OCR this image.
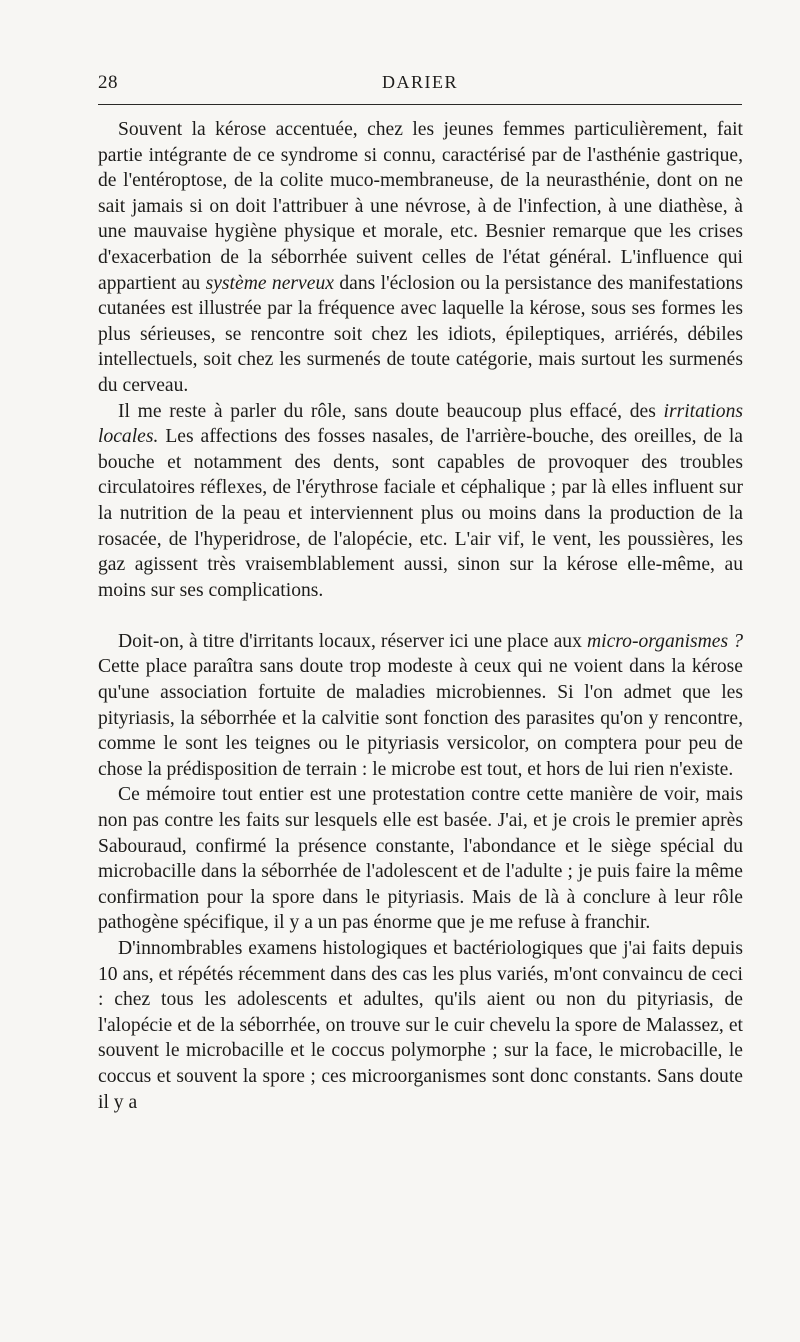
28	DARIER

Souvent la kérose accentuée, chez les jeunes femmes particulièrement, fait partie intégrante de ce syndrome si connu, caractérisé par de l'asthénie gastrique, de l'entéroptose, de la colite muco-membraneuse, de la neurasthénie, dont on ne sait jamais si on doit l'attribuer à une névrose, à de l'infection, à une diathèse, à une mauvaise hygiène physique et morale, etc. Besnier remarque que les crises d'exacerbation de la séborrhée suivent celles de l'état général. L'influence qui appartient au système nerveux dans l'éclosion ou la persistance des manifestations cutanées est illustrée par la fréquence avec laquelle la kérose, sous ses formes les plus sérieuses, se rencontre soit chez les idiots, épileptiques, arriérés, débiles intellectuels, soit chez les surmenés de toute catégorie, mais surtout les surmenés du cerveau.

Il me reste à parler du rôle, sans doute beaucoup plus effacé, des irritations locales. Les affections des fosses nasales, de l'arrière-bouche, des oreilles, de la bouche et notamment des dents, sont capables de provoquer des troubles circulatoires réflexes, de l'érythrose faciale et céphalique ; par là elles influent sur la nutrition de la peau et interviennent plus ou moins dans la production de la rosacée, de l'hyperidrose, de l'alopécie, etc. L'air vif, le vent, les poussières, les gaz agissent très vraisemblablement aussi, sinon sur la kérose elle-même, au moins sur ses complications.

Doit-on, à titre d'irritants locaux, réserver ici une place aux micro-organismes ? Cette place paraîtra sans doute trop modeste à ceux qui ne voient dans la kérose qu'une association fortuite de maladies microbiennes. Si l'on admet que les pityriasis, la séborrhée et la calvitie sont fonction des parasites qu'on y rencontre, comme le sont les teignes ou le pityriasis versicolor, on comptera pour peu de chose la prédisposition de terrain : le microbe est tout, et hors de lui rien n'existe.

Ce mémoire tout entier est une protestation contre cette manière de voir, mais non pas contre les faits sur lesquels elle est basée. J'ai, et je crois le premier après Sabouraud, confirmé la présence constante, l'abondance et le siège spécial du microbacille dans la séborrhée de l'adolescent et de l'adulte ; je puis faire la même confirmation pour la spore dans le pityriasis. Mais de là à conclure à leur rôle pathogène spécifique, il y a un pas énorme que je me refuse à franchir.

D'innombrables examens histologiques et bactériologiques que j'ai faits depuis 10 ans, et répétés récemment dans des cas les plus variés, m'ont convaincu de ceci : chez tous les adolescents et adultes, qu'ils aient ou non du pityriasis, de l'alopécie et de la séborrhée, on trouve sur le cuir chevelu la spore de Malassez, et souvent le microbacille et le coccus polymorphe ; sur la face, le microbacille, le coccus et souvent la spore ; ces microorganismes sont donc constants. Sans doute il y a
